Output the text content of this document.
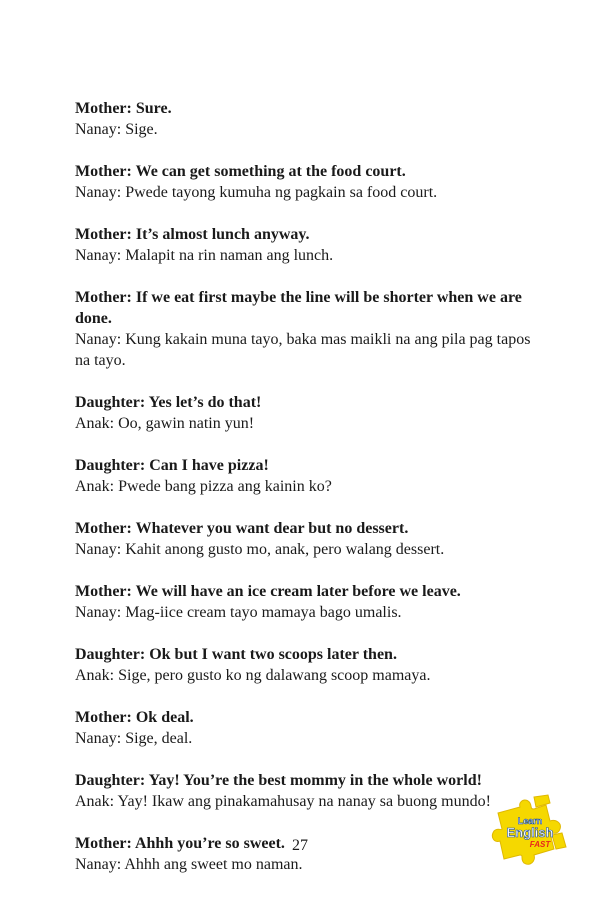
Mother: Sure.

Nanay: Sige.

Mother: We can get something at the food court.

Nanay: Pwede tayong kumuha ng pagkain sa food court.

Mother: It’s almost lunch anyway.

Nanay: Malapit na rin naman ang lunch.

Mother: If we eat first maybe the line will be shorter when we are done.

Nanay: Kung kakain muna tayo, baka mas maikli na ang pila pag tapos na tayo.

Daughter: Yes let’s do that!

Anak: Oo, gawin natin yun!

Daughter: Can I have pizza!

Anak: Pwede bang pizza ang kainin ko?

Mother: Whatever you want dear but no dessert.

Nanay: Kahit anong gusto mo, anak, pero walang dessert.

Mother: We will have an ice cream later before we leave.

Nanay: Mag-iice cream tayo mamaya bago umalis.

Daughter: Ok but I want two scoops later then.

Anak: Sige, pero gusto ko ng dalawang scoop mamaya.

Mother: Ok deal.

Nanay: Sige, deal.

Daughter: Yay! You’re the best mommy in the whole world!

Anak: Yay! Ikaw ang pinakamahusay na nanay sa buong mundo!

Mother: Ahhh you’re so sweet.

Nanay: Ahhh ang sweet mo naman.

27
Learn
English
FAST
